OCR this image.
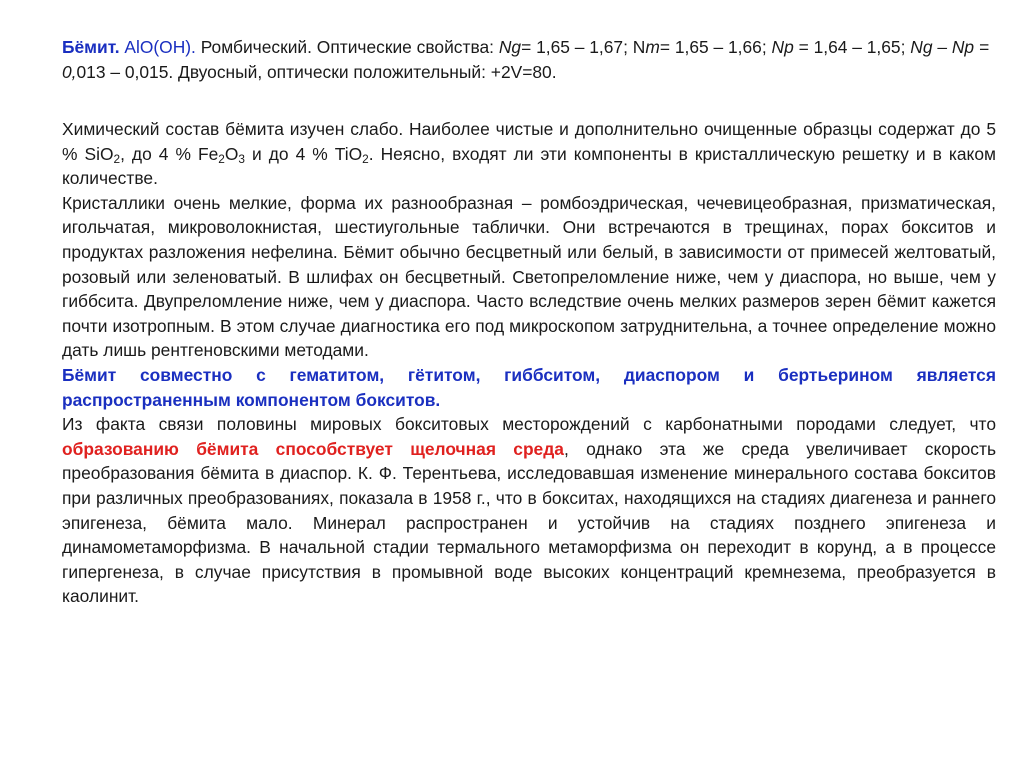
Бёмит. AlO(OH). Ромбический. Оптические свойства: Ng= 1,65 – 1,67; Nm= 1,65 – 1,66; Np = 1,64 – 1,65; Ng – Np = 0,013 – 0,015. Двуосный, оптически положительный: +2V=80.
Химический состав бёмита изучен слабо. Наиболее чистые и дополнительно очищенные образцы содержат до 5 % SiO$_2$, до 4 % $Fe_2O_3$ и до 4 % TiO$_2$. Неясно, входят ли эти компоненты в кристаллическую решетку и в каком количестве.
Кристаллики очень мелкие, форма их разнообразная – ромбоэдрическая, чечевицеобразная, призматическая, игольчатая, микроволокнистая, шестиугольные таблички. Они встречаются в трещинах, порах бокситов и продуктах разложения нефелина. Бёмит обычно бесцветный или белый, в зависимости от примесей желтоватый, розовый или зеленоватый. В шлифах он бесцветный. Светопреломление ниже, чем у диаспора, но выше, чем у гиббсита. Двупреломление ниже, чем у диаспора. Часто вследствие очень мелких размеров зерен бёмит кажется почти изотропным. В этом случае диагностика его под микроскопом затруднительна, а точнее определение можно дать лишь рентгеновскими методами.
Бёмит совместно с гематитом, гётитом, гиббситом, диаспором и бертьерином является распространенным компонентом бокситов.
Из факта связи половины мировых бокситовых месторождений с карбонатными породами следует, что образованию бёмита способствует щелочная среда, однако эта же среда увеличивает скорость преобразования бёмита в диаспор. К. Ф. Терентьева, исследовавшая изменение минерального состава бокситов при различных преобразованиях, показала в 1958 г., что в бокситах, находящихся на стадиях диагенеза и раннего эпигенеза, бёмита мало. Минерал распространен и устойчив на стадиях позднего эпигенеза и динамометаморфизма. В начальной стадии термального метаморфизма он переходит в корунд, а в процессе гипергенеза, в случае присутствия в промывной воде высоких концентраций кремнезема, преобразуется в каолинит.
